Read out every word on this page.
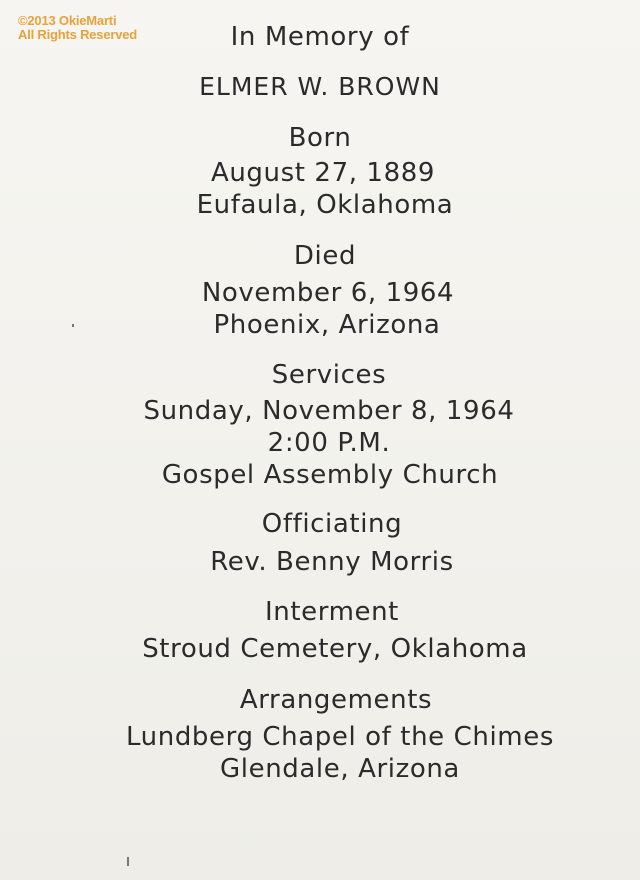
©2013 OkieMarti
All Rights Reserved	In Memory of
ELMER W. BROWN
Born
August 27, 1889
Eufaula, Oklahoma
Died
November 6, 1964
Phoenix, Arizona
Services
Sunday, November 8, 1964
2:00 P.M.
Gospel Assembly Church
Officiating
Rev. Benny Morris
Interment
Stroud Cemetery, Oklahoma
Arrangements
Lundberg Chapel of the Chimes
Glendale, Arizona
